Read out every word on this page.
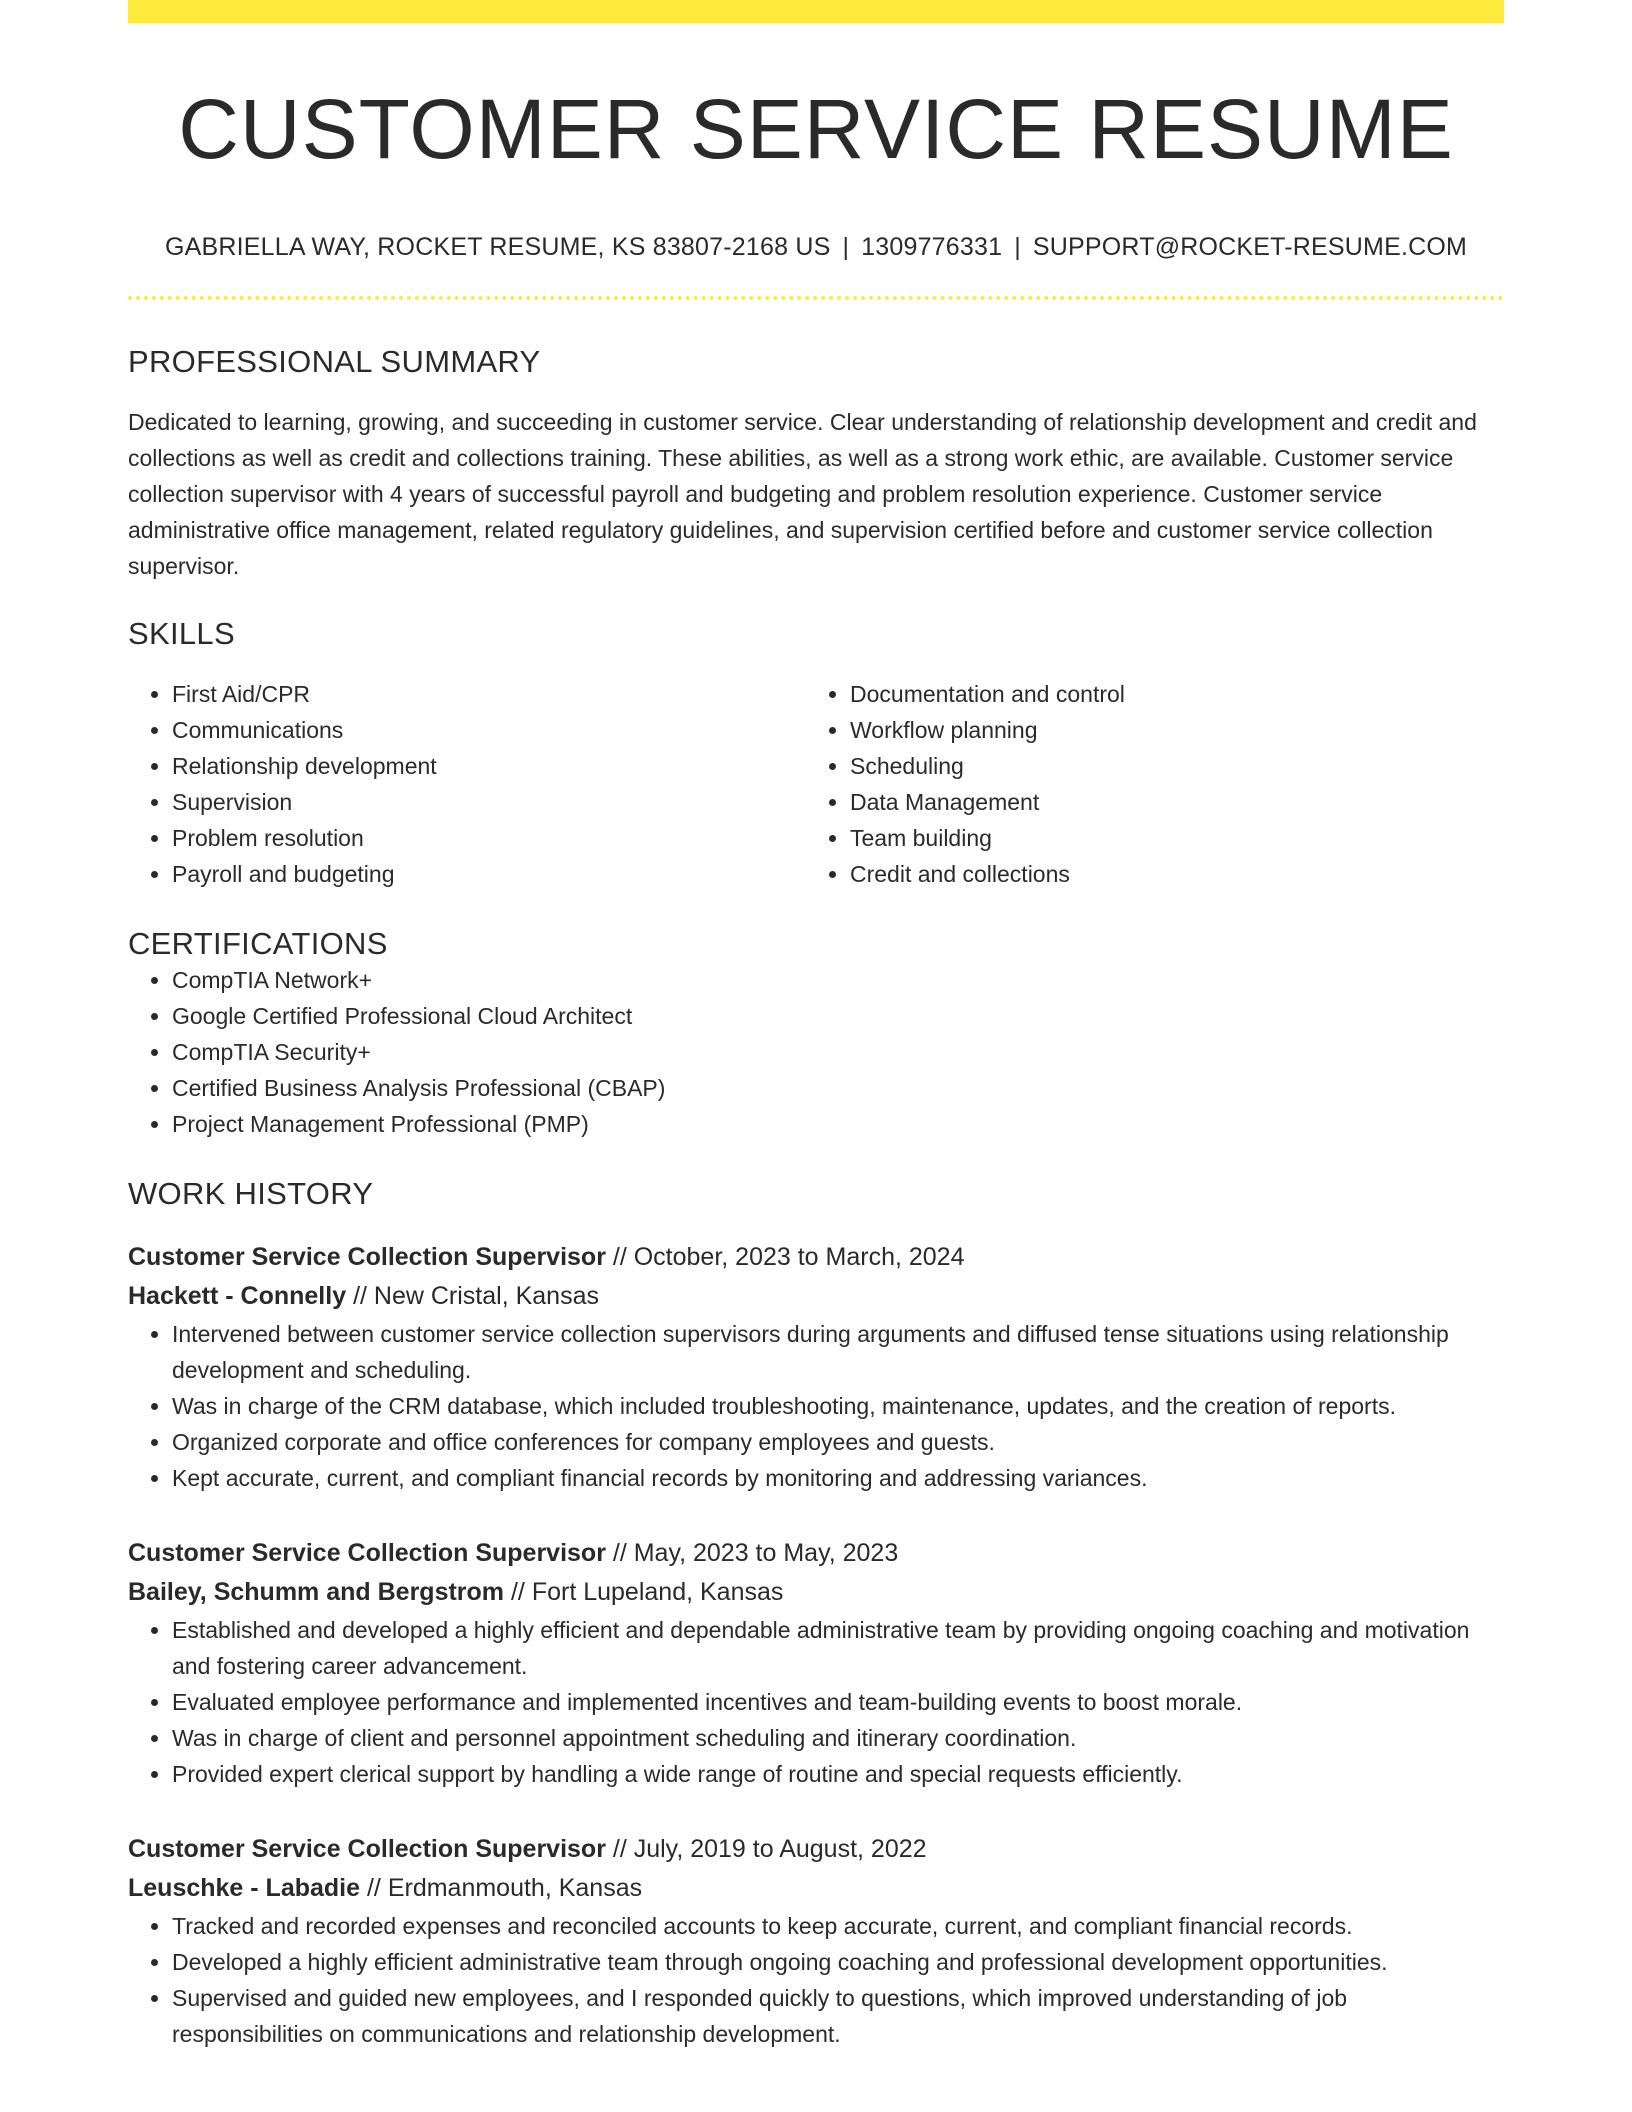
CUSTOMER SERVICE RESUME
GABRIELLA WAY, ROCKET RESUME, KS 83807-2168 US | 1309776331 | SUPPORT@ROCKET-RESUME.COM
PROFESSIONAL SUMMARY
Dedicated to learning, growing, and succeeding in customer service. Clear understanding of relationship development and credit and collections as well as credit and collections training. These abilities, as well as a strong work ethic, are available. Customer service collection supervisor with 4 years of successful payroll and budgeting and problem resolution experience. Customer service administrative office management, related regulatory guidelines, and supervision certified before and customer service collection supervisor.
SKILLS
• First Aid/CPR
• Communications
• Relationship development
• Supervision
• Problem resolution
• Payroll and budgeting
• Documentation and control
• Workflow planning
• Scheduling
• Data Management
• Team building
• Credit and collections
CERTIFICATIONS
• CompTIA Network+
• Google Certified Professional Cloud Architect
• CompTIA Security+
• Certified Business Analysis Professional (CBAP)
• Project Management Professional (PMP)
WORK HISTORY
Customer Service Collection Supervisor // October, 2023 to March, 2024
Hackett - Connelly // New Cristal, Kansas
• Intervened between customer service collection supervisors during arguments and diffused tense situations using relationship development and scheduling.
• Was in charge of the CRM database, which included troubleshooting, maintenance, updates, and the creation of reports.
• Organized corporate and office conferences for company employees and guests.
• Kept accurate, current, and compliant financial records by monitoring and addressing variances.
Customer Service Collection Supervisor // May, 2023 to May, 2023
Bailey, Schumm and Bergstrom // Fort Lupeland, Kansas
• Established and developed a highly efficient and dependable administrative team by providing ongoing coaching and motivation and fostering career advancement.
• Evaluated employee performance and implemented incentives and team-building events to boost morale.
• Was in charge of client and personnel appointment scheduling and itinerary coordination.
• Provided expert clerical support by handling a wide range of routine and special requests efficiently.
Customer Service Collection Supervisor // July, 2019 to August, 2022
Leuschke - Labadie // Erdmanmouth, Kansas
• Tracked and recorded expenses and reconciled accounts to keep accurate, current, and compliant financial records.
• Developed a highly efficient administrative team through ongoing coaching and professional development opportunities.
• Supervised and guided new employees, and I responded quickly to questions, which improved understanding of job responsibilities on communications and relationship development.
